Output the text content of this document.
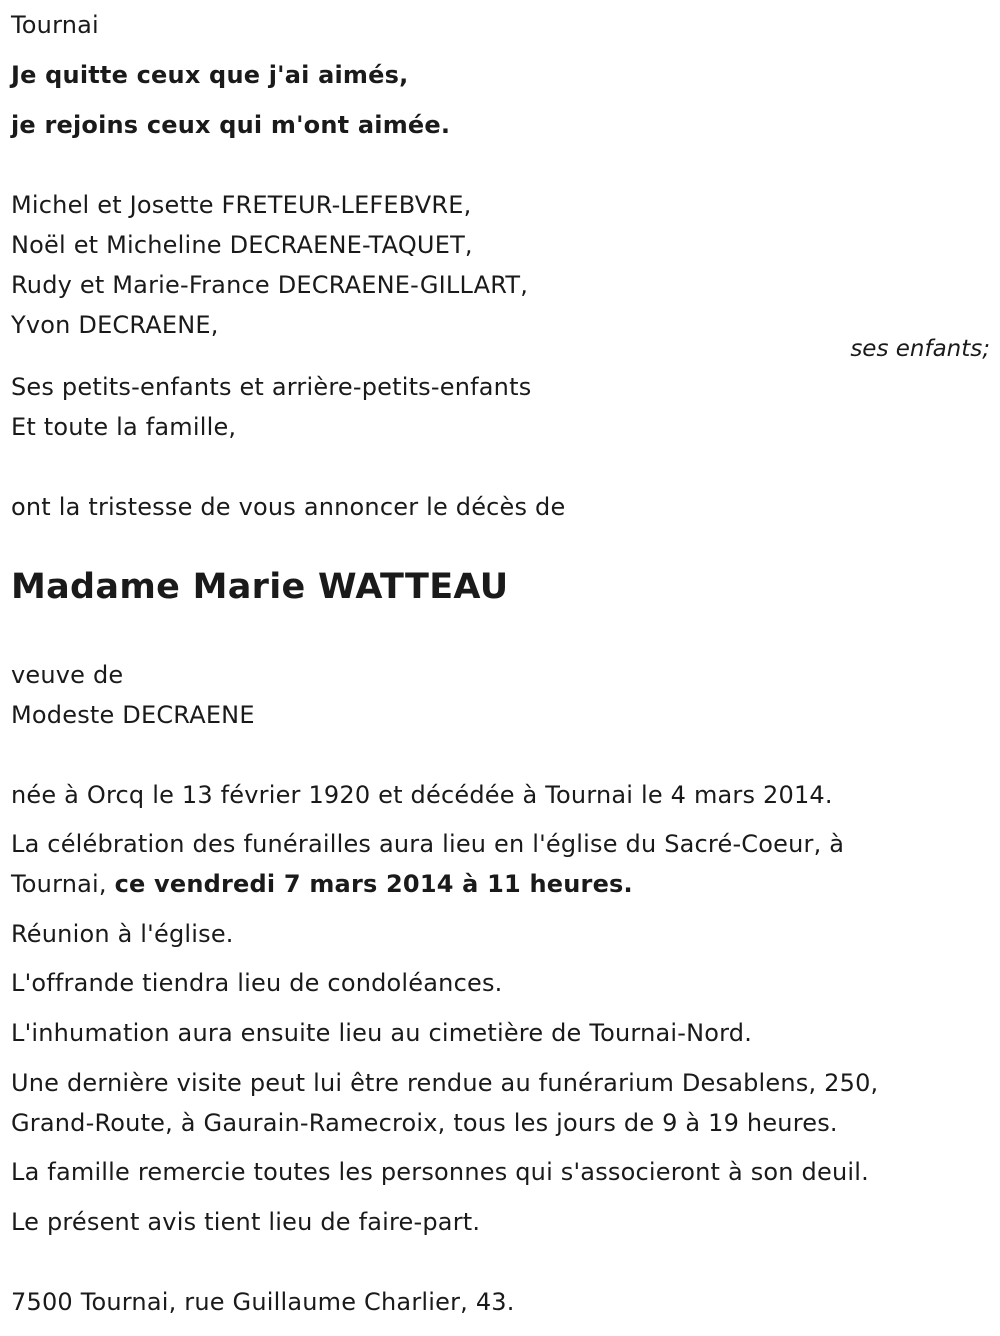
Tournai
Je quitte ceux que j'ai aimés,
je rejoins ceux qui m'ont aimée.
Michel et Josette FRETEUR-LEFEBVRE,
Noël et Micheline DECRAENE-TAQUET,
Rudy et Marie-France DECRAENE-GILLART,
Yvon DECRAENE,
ses enfants;
Ses petits-enfants et arrière-petits-enfants
Et toute la famille,
ont la tristesse de vous annoncer le décès de
Madame Marie WATTEAU
veuve de
Modeste DECRAENE
née à Orcq le 13 février 1920 et décédée à Tournai le 4 mars 2014.
La célébration des funérailles aura lieu en l'église du Sacré-Coeur, à
Tournai, ce vendredi 7 mars 2014 à 11 heures.
Réunion à l'église.
L'offrande tiendra lieu de condoléances.
L'inhumation aura ensuite lieu au cimetière de Tournai-Nord.
Une dernière visite peut lui être rendue au funérarium Desablens, 250,
Grand-Route, à Gaurain-Ramecroix, tous les jours de 9 à 19 heures.
La famille remercie toutes les personnes qui s'associeront à son deuil.
Le présent avis tient lieu de faire-part.
7500 Tournai, rue Guillaume Charlier, 43.
